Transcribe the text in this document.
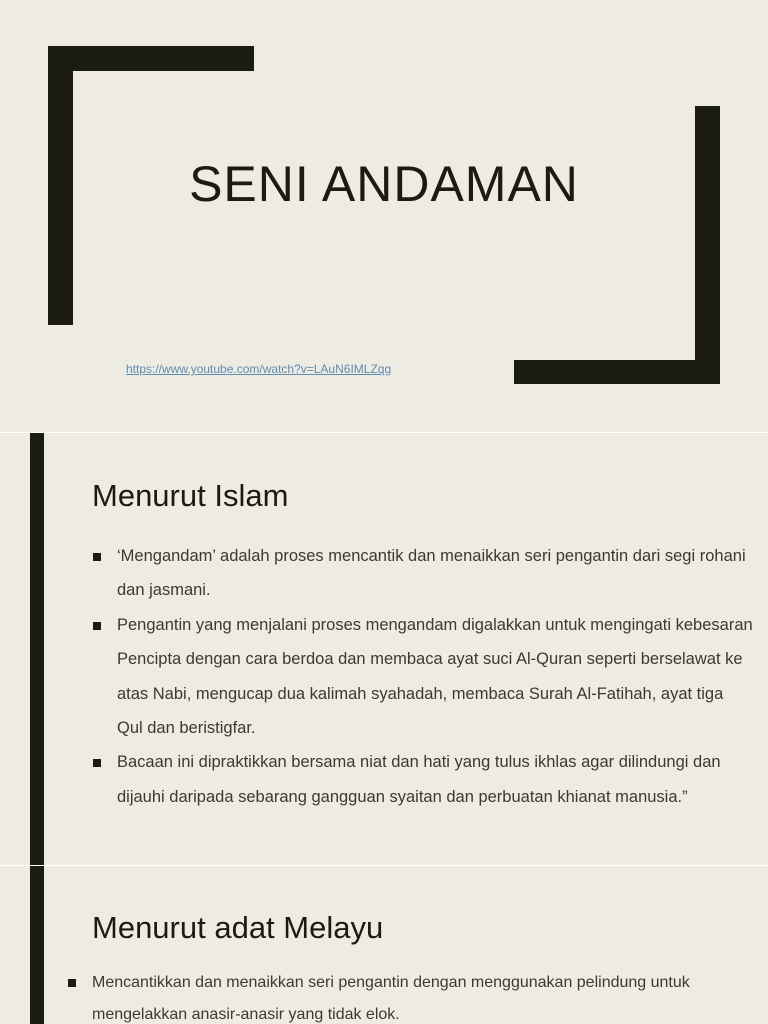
SENI ANDAMAN
https://www.youtube.com/watch?v=LAuN6IMLZqg
Menurut Islam
‘Mengandam’ adalah proses mencantik dan menaikkan seri pengantin dari segi rohani dan jasmani.
Pengantin yang menjalani proses mengandam digalakkan untuk mengingati kebesaran Pencipta dengan cara berdoa dan membaca ayat suci Al-Quran seperti berselawat ke atas Nabi, mengucap dua kalimah syahadah, membaca Surah Al-Fatihah, ayat tiga Qul dan beristigfar.
Bacaan ini dipraktikkan bersama niat dan hati yang tulus ikhlas agar dilindungi dan dijauhi daripada sebarang gangguan syaitan dan perbuatan khianat manusia.”
Menurut adat Melayu
Mencantikkan dan menaikkan seri pengantin dengan menggunakan pelindung untuk mengelakkan anasir-anasir yang tidak elok.
